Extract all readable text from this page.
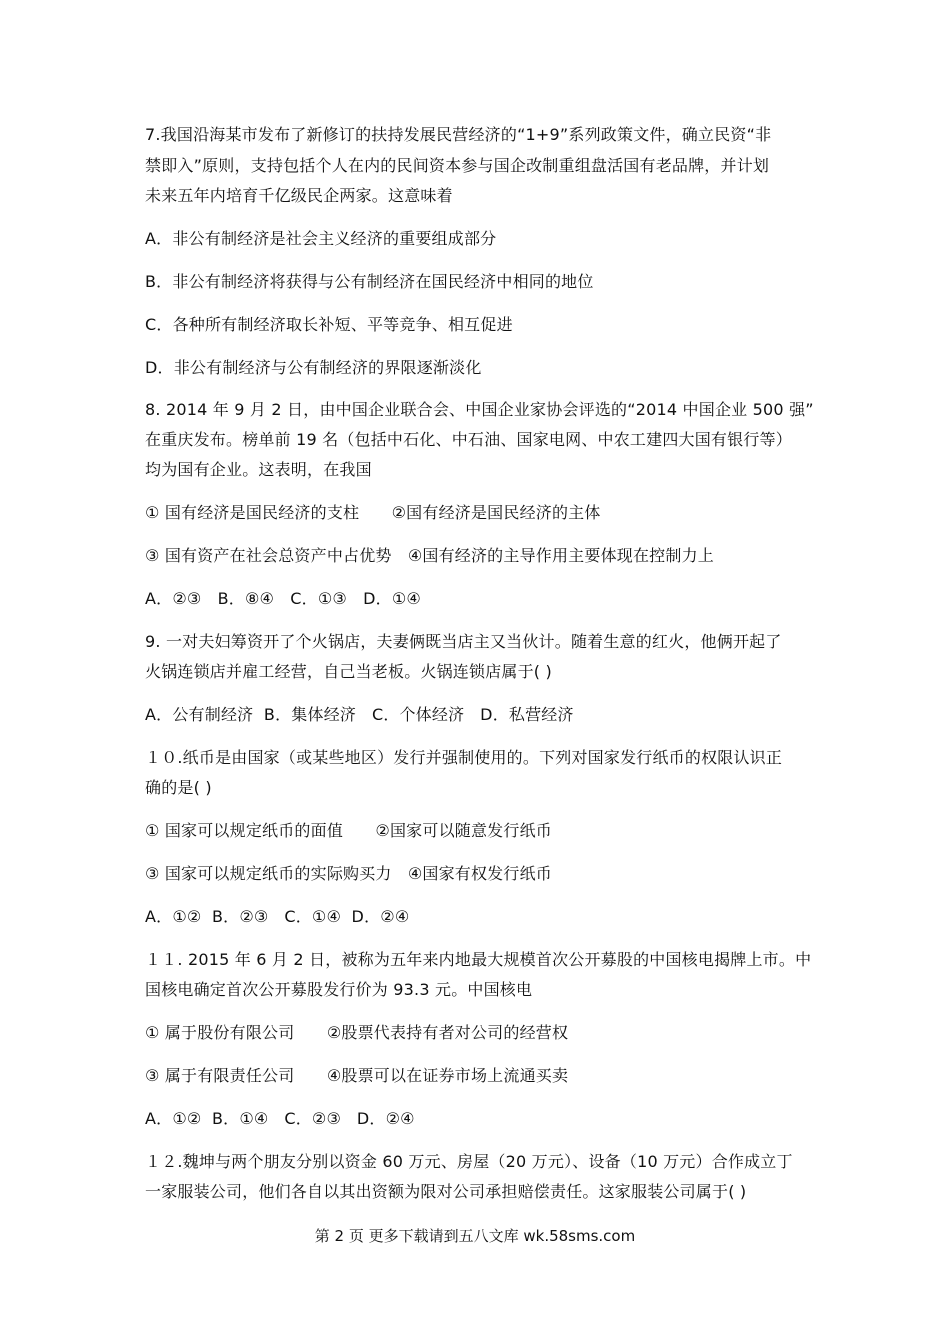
7.我国沿海某市发布了新修订的扶持发展民营经济的“1+9”系列政策文件，确立民资“非
禁即入”原则，支持包括个人在内的民间资本参与国企改制重组盘活国有老品牌，并计划
未来五年内培育千亿级民企两家。这意味着
A．非公有制经济是社会主义经济的重要组成部分
B．非公有制经济将获得与公有制经济在国民经济中相同的地位
C．各种所有制经济取长补短、平等竞争、相互促进
D．非公有制经济与公有制经济的界限逐渐淡化
8. 2014 年 9 月 2 日，由中国企业联合会、中国企业家协会评选的“2014 中国企业 500 强”
在重庆发布。榜单前 19 名（包括中石化、中石油、国家电网、中农工建四大国有银行等）
均为国有企业。这表明，在我国
① 国有经济是国民经济的支柱　　②国有经济是国民经济的主体
③ 国有资产在社会总资产中占优势　④国有经济的主导作用主要体现在控制力上
A．②③　B．⑧④　C．①③　D．①④
9. 一对夫妇筹资开了个火锅店，夫妻俩既当店主又当伙计。随着生意的红火，他俩开起了
火锅连锁店并雇工经营，自己当老板。火锅连锁店属于( )
A．公有制经济  B．集体经济   C．个体经济   D．私营经济
１０.纸币是由国家（或某些地区）发行并强制使用的。下列对国家发行纸币的权限认识正
确的是( )
① 国家可以规定纸币的面值　　②国家可以随意发行纸币
③ 国家可以规定纸币的实际购买力　④国家有权发行纸币
A．①②  B．②③   C．①④  D．②④
１１. 2015 年 6 月 2 日，被称为五年来内地最大规模首次公开募股的中国核电揭牌上市。中
国核电确定首次公开募股发行价为 93.3 元。中国核电
① 属于股份有限公司　　②股票代表持有者对公司的经营权
③ 属于有限责任公司　　④股票可以在证券市场上流通买卖
A．①②  B．①④   C．②③   D．②④
１２.魏坤与两个朋友分别以资金 60 万元、房屋（20 万元）、设备（10 万元）合作成立丁
一家服装公司，他们各自以其出资额为限对公司承担赔偿责任。这家服装公司属于( )
第 2 页 更多下载请到五八文库 wk.58sms.com
